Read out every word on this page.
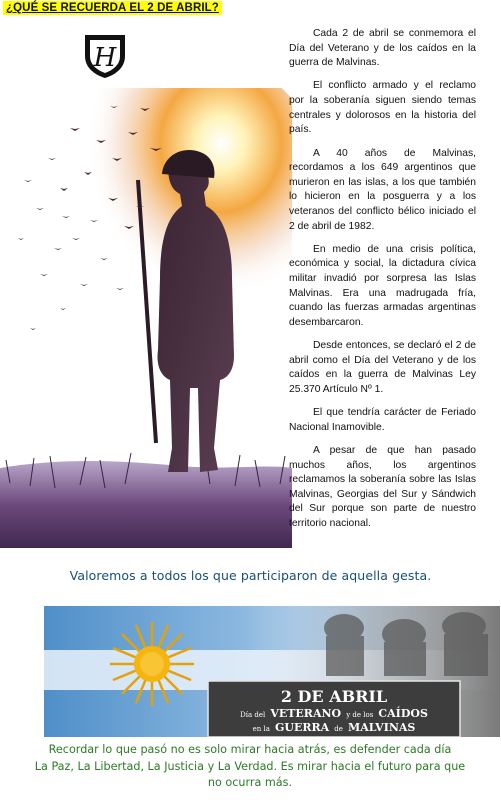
¿QUÉ SE RECUERDA EL 2 DE ABRIL?
H

Cada 2 de abril se conmemora el Día del Veterano y de los caídos en la guerra de Malvinas.

El conflicto armado y el reclamo por la soberanía siguen siendo temas centrales y dolorosos en la historia del país.

A 40 años de Malvinas, recordamos a los 649 argentinos que murieron en las islas, a los que también lo hicieron en la posguerra y a los veteranos del conflicto bélico iniciado el 2 de abril de 1982.

En medio de una crisis política, económica y social, la dictadura cívica militar invadió por sorpresa las Islas Malvinas. Era una madrugada fría, cuando las fuerzas armadas argentinas desembarcaron.

Desde entonces, se declaró el 2 de abril como el Día del Veterano y de los caídos en la guerra de Malvinas Ley 25.370 Artículo Nº 1.

El que tendría carácter de Feriado Nacional Inamovible.

A pesar de que han pasado muchos años, los argentinos reclamamos la soberanía sobre las Islas Malvinas, Georgias del Sur y Sándwich del Sur porque son parte de nuestro territorio nacional.

Valoremos a todos los que participaron de aquella gesta.
2 DE ABRIL
Día del VETERANO y de los CAÍDOS
en la GUERRA de MALVINAS
Recordar lo que pasó no es solo mirar hacia atrás, es defender cada día
La Paz, La Libertad, La Justicia y La Verdad. Es mirar hacia el futuro para que
no ocurra más.
